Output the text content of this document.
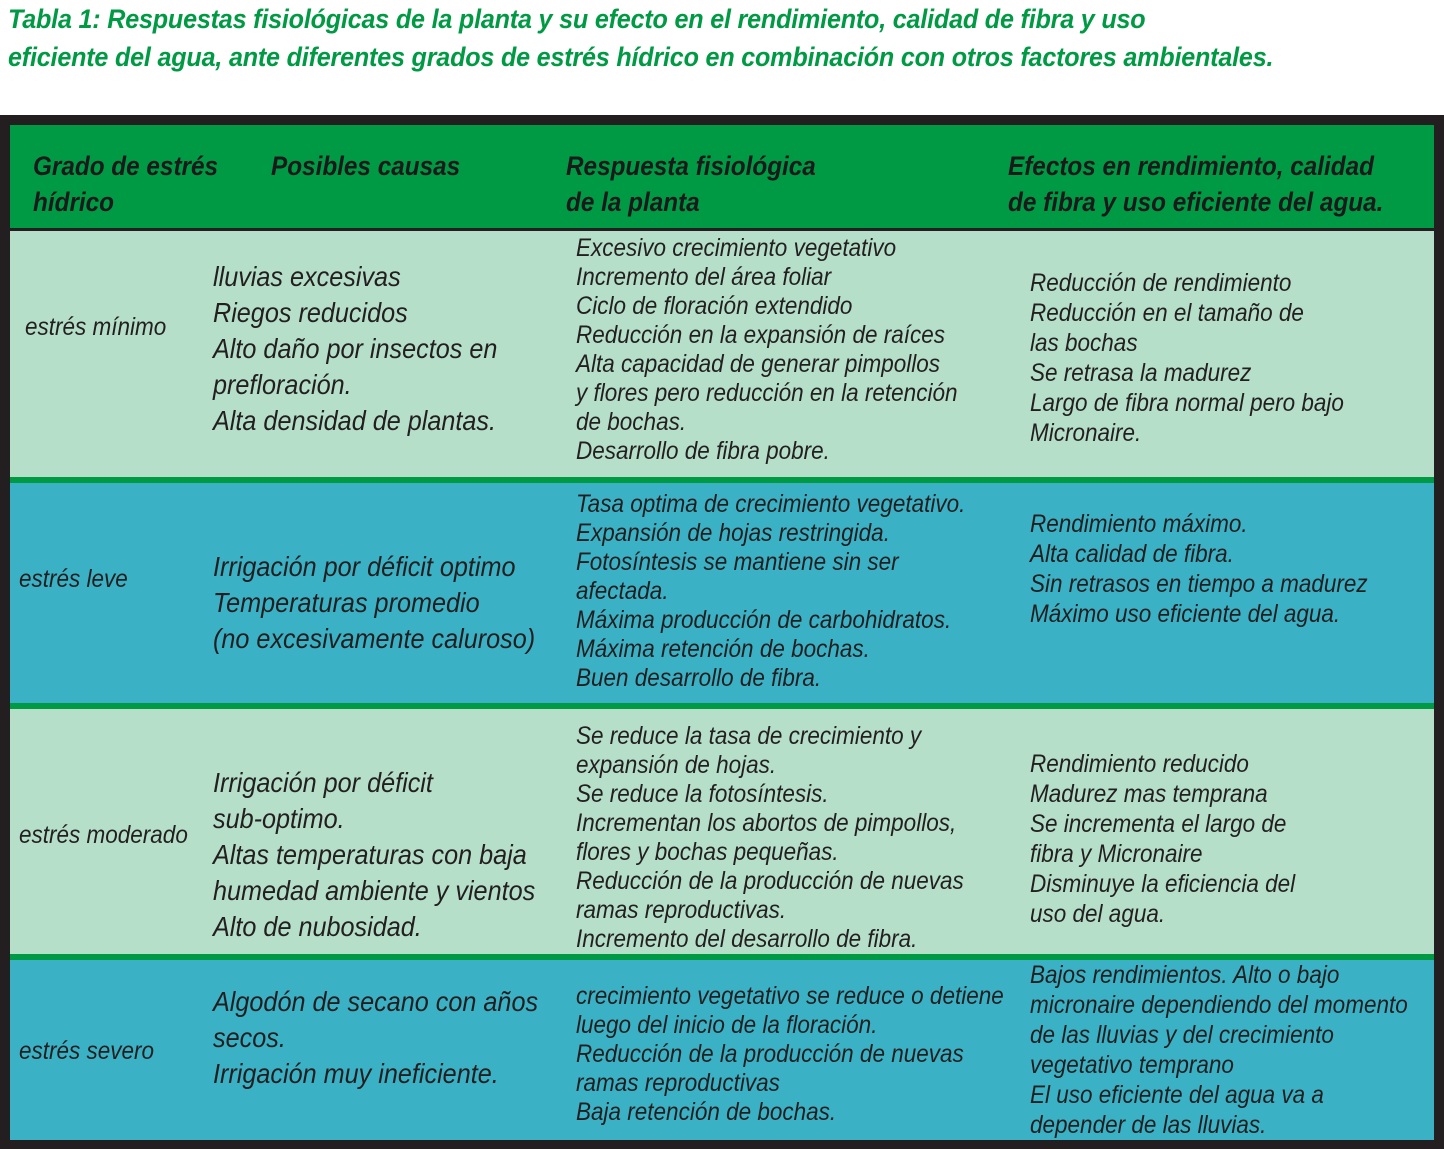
Tabla 1: Respuestas fisiológicas de la planta y su efecto en el rendimiento, calidad de fibra y uso
eficiente del agua, ante diferentes grados de estrés hídrico en combinación con otros factores ambientales.
Grado de estrés
hídrico
Posibles causas	Respuesta fisiológica
de la planta
Efectos en rendimiento, calidad
de fibra y uso eficiente del agua.
estrés mínimo
lluvias excesivas
Riegos reducidos
Alto daño por insectos en
prefloración.
Alta densidad de plantas.
Excesivo crecimiento vegetativo
Incremento del área foliar
Ciclo de floración extendido
Reducción en la expansión de raíces
Alta capacidad de generar pimpollos
y flores pero reducción en la retención
de bochas.
Desarrollo de fibra pobre.
Reducción de rendimiento
Reducción en el tamaño de
las bochas
Se retrasa la madurez
Largo de fibra normal pero bajo
Micronaire.
estrés leve	Irrigación por déficit optimo
Temperaturas promedio
(no excesivamente caluroso)
Tasa optima de crecimiento vegetativo.
Expansión de hojas restringida.
Fotosíntesis se mantiene sin ser
afectada.
Máxima producción de carbohidratos.
Máxima retención de bochas.
Buen desarrollo de fibra.
Rendimiento máximo.
Alta calidad de fibra.
Sin retrasos en tiempo a madurez
Máximo uso eficiente del agua.
estrés moderado
Irrigación por déficit
sub-optimo.
Altas temperaturas con baja
humedad ambiente y vientos
Alto de nubosidad.
Se reduce la tasa de crecimiento y
expansión de hojas.
Se reduce la fotosíntesis.
Incrementan los abortos de pimpollos,
flores y bochas pequeñas.
Reducción de la producción de nuevas
ramas reproductivas.
Incremento del desarrollo de fibra.
Rendimiento reducido
Madurez mas temprana
Se incrementa el largo de
fibra y Micronaire
Disminuye la eficiencia del
uso del agua.
estrés severo
Algodón de secano con años
secos.
Irrigación muy ineficiente.
crecimiento vegetativo se reduce o detiene
luego del inicio de la floración.
Reducción de la producción de nuevas
ramas reproductivas
Baja retención de bochas.
Bajos rendimientos. Alto o bajo
micronaire dependiendo del momento
de las lluvias y del crecimiento
vegetativo temprano
El uso eficiente del agua va a
depender de las lluvias.
